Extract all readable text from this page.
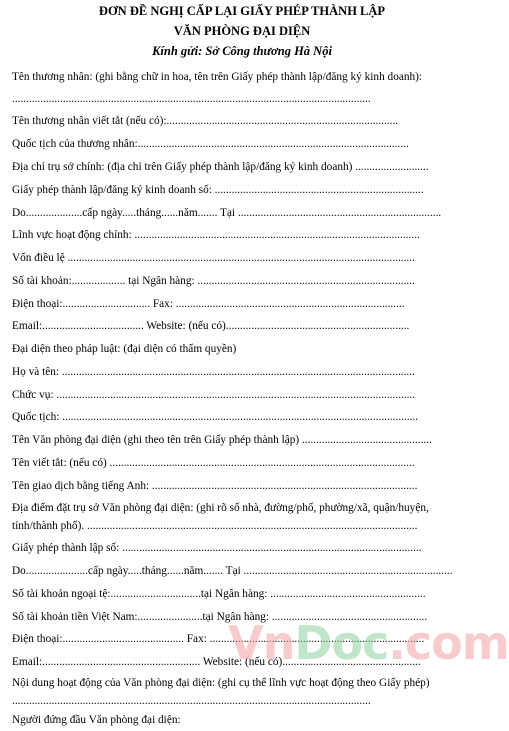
ĐƠN ĐỀ NGHỊ CẤP LẠI GIẤY PHÉP THÀNH LẬP
VĂN PHÒNG ĐẠI DIỆN
Kính gửi: Sở Công thương Hà Nội
Tên thương nhân: (ghi bằng chữ in hoa, tên trên Giấy phép thành lập/đăng ký kinh doanh):
...............................................................................................................................
Tên thương nhân viết tắt (nếu có):..................................................................................
Quốc tịch của thương nhân:................................................................................................
Địa chỉ trụ sở chính: (địa chỉ trên Giấy phép thành lập/đăng ký kinh doanh) ..........................
Giấy phép thành lập/đăng ký kinh doanh số: ..........................................................................
Do....................cấp ngày.....tháng......năm....... Tại ........................................................................
Lĩnh vực hoạt động chính: .....................................................................................................
Vốn điều lệ ...........................................................................................................................
Số tài khoản:................... tại Ngân hàng: .............................................................................
Điện thoại:............................... Fax: .................................................................................
Email:.................................... Website: (nếu có).................................................................
Đại diện theo pháp luật: (đại diện có thẩm quyền)
Họ và tên: .............................................................................................................................
Chức vụ: ...............................................................................................................................
Quốc tịch: ..............................................................................................................................
Tên Văn phòng đại diện (ghi theo tên trên Giấy phép thành lập) ..............................................
Tên viết tắt: (nếu có) ............................................................................................................
Tên giao dịch bằng tiếng Anh: ..............................................................................................
Địa điểm đặt trụ sở Văn phòng đại diện: (ghi rõ số nhà, đường/phố, phường/xã, quận/huyện,
tỉnh/thành phố). .....................................................................................................................
Giấy phép thành lập số: ..........................................................................................................
Do......................cấp ngày.....tháng......năm....... Tại ..........................................................................
Số tài khoản ngoại tệ:................................tại Ngân hàng: .......................................................
Số tài khoản tiền Việt Nam:.......................tại Ngân hàng: .......................................................
Điện thoại:........................................... Fax: ............................................................................
Email:........................................................ Website: (nếu có).................................................
Nội dung hoạt động của Văn phòng đại diện: (ghi cụ thể lĩnh vực hoạt động theo Giấy phép)
...............................................................................................................................
Người đứng đầu Văn phòng đại diện:
VnDoc.com
